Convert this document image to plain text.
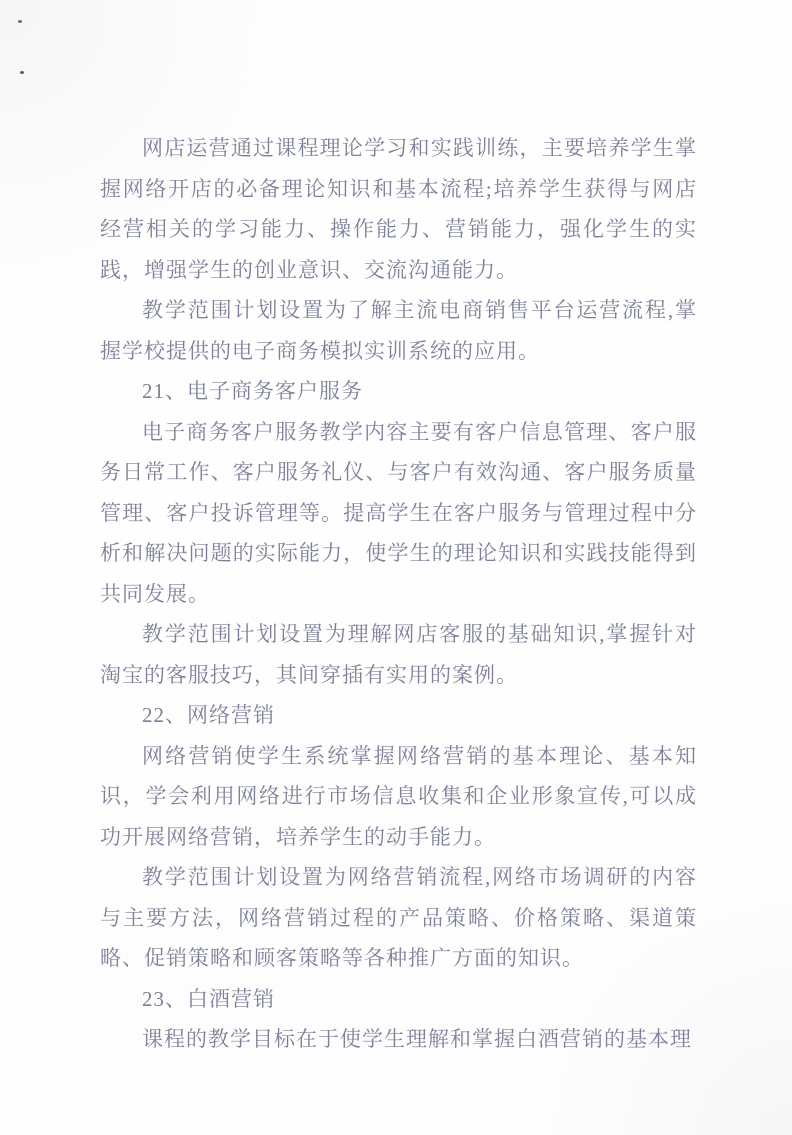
网店运营通过课程理论学习和实践训练，主要培养学生掌握网络开店的必备理论知识和基本流程;培养学生获得与网店经营相关的学习能力、操作能力、营销能力，强化学生的实践，增强学生的创业意识、交流沟通能力。

教学范围计划设置为了解主流电商销售平台运营流程,掌握学校提供的电子商务模拟实训系统的应用。

21、电子商务客户服务

电子商务客户服务教学内容主要有客户信息管理、客户服务日常工作、客户服务礼仪、与客户有效沟通、客户服务质量管理、客户投诉管理等。提高学生在客户服务与管理过程中分析和解决问题的实际能力，使学生的理论知识和实践技能得到共同发展。

教学范围计划设置为理解网店客服的基础知识,掌握针对淘宝的客服技巧，其间穿插有实用的案例。

22、网络营销

网络营销使学生系统掌握网络营销的基本理论、基本知识，学会利用网络进行市场信息收集和企业形象宣传,可以成功开展网络营销，培养学生的动手能力。

教学范围计划设置为网络营销流程,网络市场调研的内容与主要方法，网络营销过程的产品策略、价格策略、渠道策略、促销策略和顾客策略等各种推广方面的知识。

23、白酒营销

课程的教学目标在于使学生理解和掌握白酒营销的基本理
